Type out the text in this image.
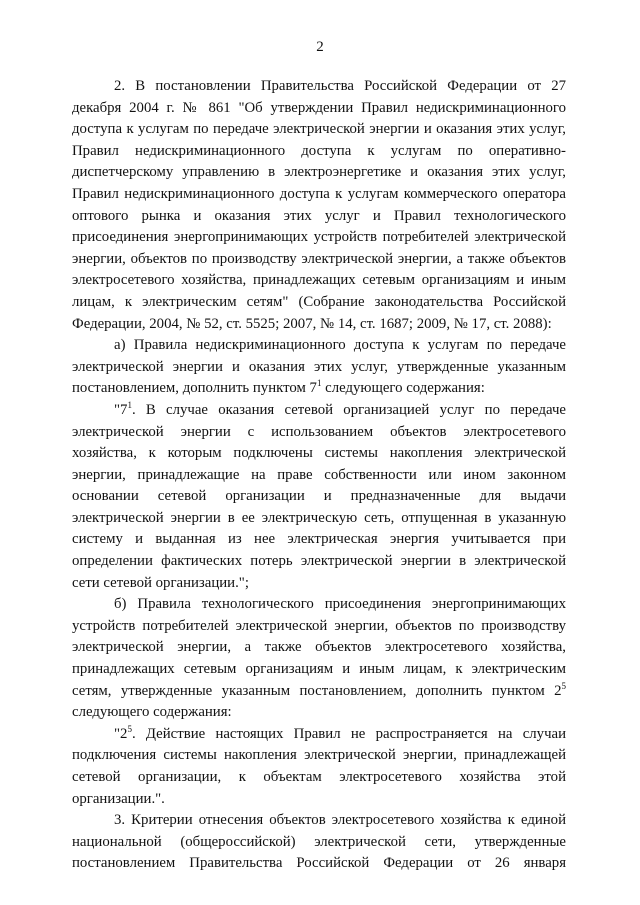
2

2. В постановлении Правительства Российской Федерации от 27 декабря 2004 г. № 861 "Об утверждении Правил недискриминационного доступа к услугам по передаче электрической энергии и оказания этих услуг, Правил недискриминационного доступа к услугам по оперативно-диспетчерскому управлению в электроэнергетике и оказания этих услуг, Правил недискриминационного доступа к услугам коммерческого оператора оптового рынка и оказания этих услуг и Правил технологического присоединения энергопринимающих устройств потребителей электрической энергии, объектов по производству электрической энергии, а также объектов электросетевого хозяйства, принадлежащих сетевым организациям и иным лицам, к электрическим сетям" (Собрание законодательства Российской Федерации, 2004, № 52, ст. 5525; 2007, № 14, ст. 1687; 2009, № 17, ст. 2088):

а) Правила недискриминационного доступа к услугам по передаче электрической энергии и оказания этих услуг, утвержденные указанным постановлением, дополнить пунктом $7^1$ следующего содержания:

"$7^1$. В случае оказания сетевой организацией услуг по передаче электрической энергии с использованием объектов электросетевого хозяйства, к которым подключены системы накопления электрической энергии, принадлежащие на праве собственности или ином законном основании сетевой организации и предназначенные для выдачи электрической энергии в ее электрическую сеть, отпущенная в указанную систему и выданная из нее электрическая энергия учитывается при определении фактических потерь электрической энергии в электрической сети сетевой организации.";

б) Правила технологического присоединения энергопринимающих устройств потребителей электрической энергии, объектов по производству электрической энергии, а также объектов электросетевого хозяйства, принадлежащих сетевым организациям и иным лицам, к электрическим сетям, утвержденные указанным постановлением, дополнить пунктом $2^5$ следующего содержания:

"$2^5$. Действие настоящих Правил не распространяется на случаи подключения системы накопления электрической энергии, принадлежащей сетевой организации, к объектам электросетевого хозяйства этой организации.".

3. Критерии отнесения объектов электросетевого хозяйства к единой национальной (общероссийской) электрической сети, утвержденные постановлением Правительства Российской Федерации от 26 января
